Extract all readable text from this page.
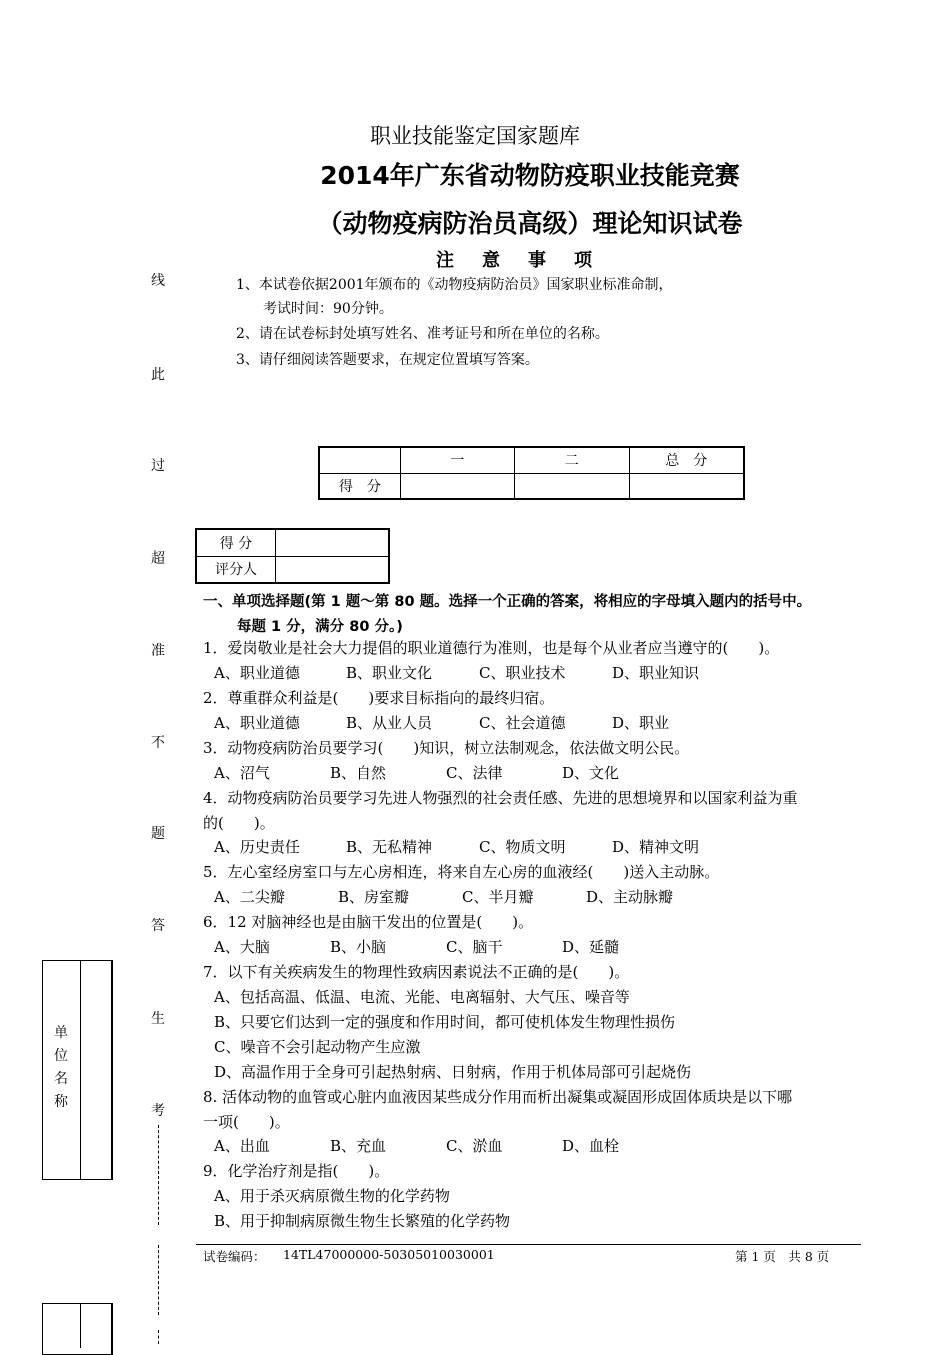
职业技能鉴定国家题库
2014年广东省动物防疫职业技能竞赛
（动物疫病防治员高级）理论知识试卷
注意事项
1、本试卷依据2001年颁布的《动物疫病防治员》国家职业标准命制，
考试时间：90分钟。
2、请在试卷标封处填写姓名、准考证号和所在单位的名称。
3、请仔细阅读答题要求，在规定位置填写答案。
线
此
过
超
准
不
题
答
生
考
单位名称
	一	二	总　分
得　分			
得 分	
评分人	
一、单项选择题(第 1 题～第 80 题。选择一个正确的答案，将相应的字母填入题内的括号中。
每题 1 分，满分 80 分。)
1．爱岗敬业是社会大力提倡的职业道德行为准则，也是每个从业者应当遵守的(　　)。
A、职业道德	B、职业文化	C、职业技术	D、职业知识
2．尊重群众利益是(　　)要求目标指向的最终归宿。
A、职业道德	B、从业人员	C、社会道德	D、职业
3．动物疫病防治员要学习(　　)知识，树立法制观念，依法做文明公民。
A、沼气	B、自然	C、法律	D、文化
4．动物疫病防治员要学习先进人物强烈的社会责任感、先进的思想境界和以国家利益为重
的(　　)。
A、历史责任	B、无私精神	C、物质文明	D、精神文明
5．左心室经房室口与左心房相连，将来自左心房的血液经(　　)送入主动脉。
A、二尖瓣	B、房室瓣	C、半月瓣	D、主动脉瓣
6．12 对脑神经也是由脑干发出的位置是(　　)。
A、大脑	B、小脑	C、脑干	D、延髓
7．以下有关疾病发生的物理性致病因素说法不正确的是(　　)。
A、包括高温、低温、电流、光能、电离辐射、大气压、噪音等
B、只要它们达到一定的强度和作用时间，都可使机体发生物理性损伤
C、噪音不会引起动物产生应激
D、高温作用于全身可引起热射病、日射病，作用于机体局部可引起烧伤
8. 活体动物的血管或心脏内血液因某些成分作用而析出凝集或凝固形成固体质块是以下哪
一项(　　)。
A、出血	B、充血	C、淤血	D、血栓
9．化学治疗剂是指(　　)。
A、用于杀灭病原微生物的化学药物
B、用于抑制病原微生物生长繁殖的化学药物
试卷编码： 14TL47000000-50305010030001	第 1 页　共 8 页
